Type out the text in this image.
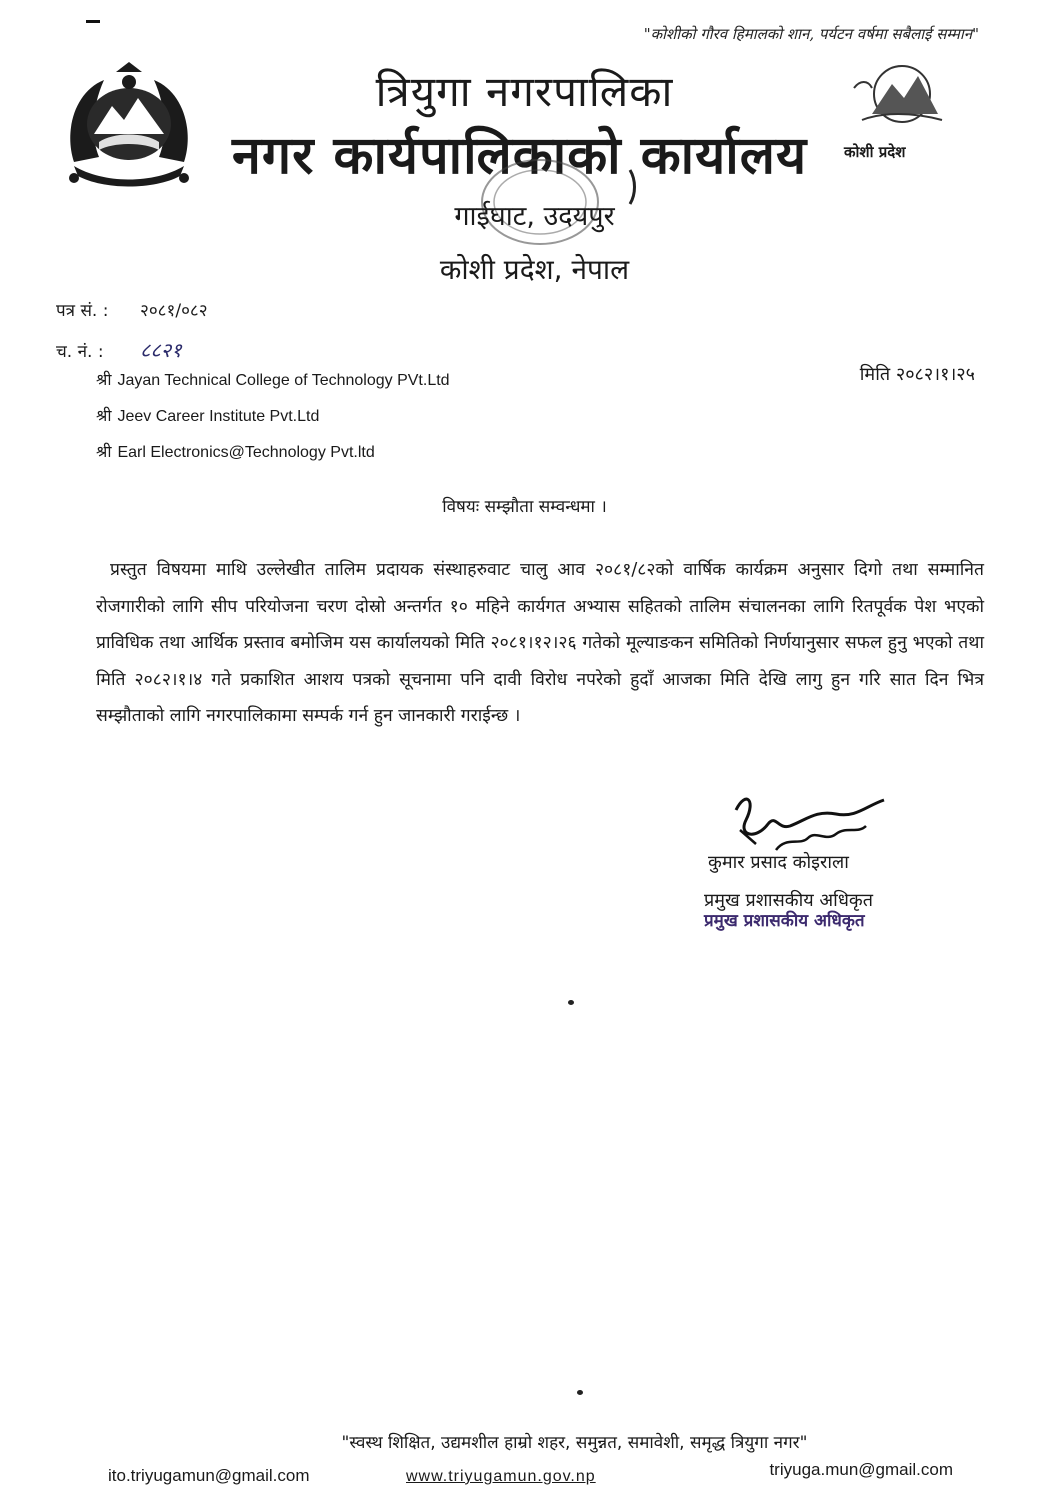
"कोशीको गौरव हिमालको शान, पर्यटन वर्षमा सबैलाई सम्मान"
त्रियुगा नगरपालिका
नगर कार्यपालिकाको कार्यालय
गाईघाट, उदयपुर
कोशी प्रदेश, नेपाल
कोशी प्रदेश
पत्र सं. : २०८१/०८२
च. नं. : ८८२१
मिति २०८२।१।२५
श्री Jayan Technical College of Technology PVt.Ltd
श्री Jeev Career Institute Pvt.Ltd
श्री Earl Electronics@Technology Pvt.ltd
विषयः सम्झौता सम्वन्धमा ।
प्रस्तुत विषयमा माथि उल्लेखीत तालिम प्रदायक संस्थाहरुवाट चालु आव २०८१/८२को वार्षिक कार्यक्रम अनुसार दिगो तथा सम्मानित रोजगारीको लागि सीप परियोजना चरण दोस्रो अन्तर्गत १० महिने कार्यगत अभ्यास सहितको तालिम संचालनका लागि रितपूर्वक पेश भएको प्राविधिक तथा आर्थिक प्रस्ताव बमोजिम यस कार्यालयको मिति २०८१।१२।२६ गतेको मूल्याङकन समितिको निर्णयानुसार सफल हुनु भएको तथा मिति २०८२।१।४ गते प्रकाशित आशय पत्रको सूचनामा पनि दावी विरोध नपरेको हुदाँ आजका मिति देखि लागु हुन गरि सात दिन भित्र सम्झौताको लागि नगरपालिकामा सम्पर्क गर्न हुन जानकारी गराईन्छ ।
कुमार प्रसाद कोइराला
प्रमुख प्रशासकीय अधिकृत
प्रमुख प्रशासकीय अधिकृत
"स्वस्थ शिक्षित, उद्यमशील हाम्रो शहर, समुन्नत, समावेशी, समृद्ध त्रियुगा नगर"
ito.triyugamun@gmail.com	www.triyugamun.gov.np	triyuga.mun@gmail.com
